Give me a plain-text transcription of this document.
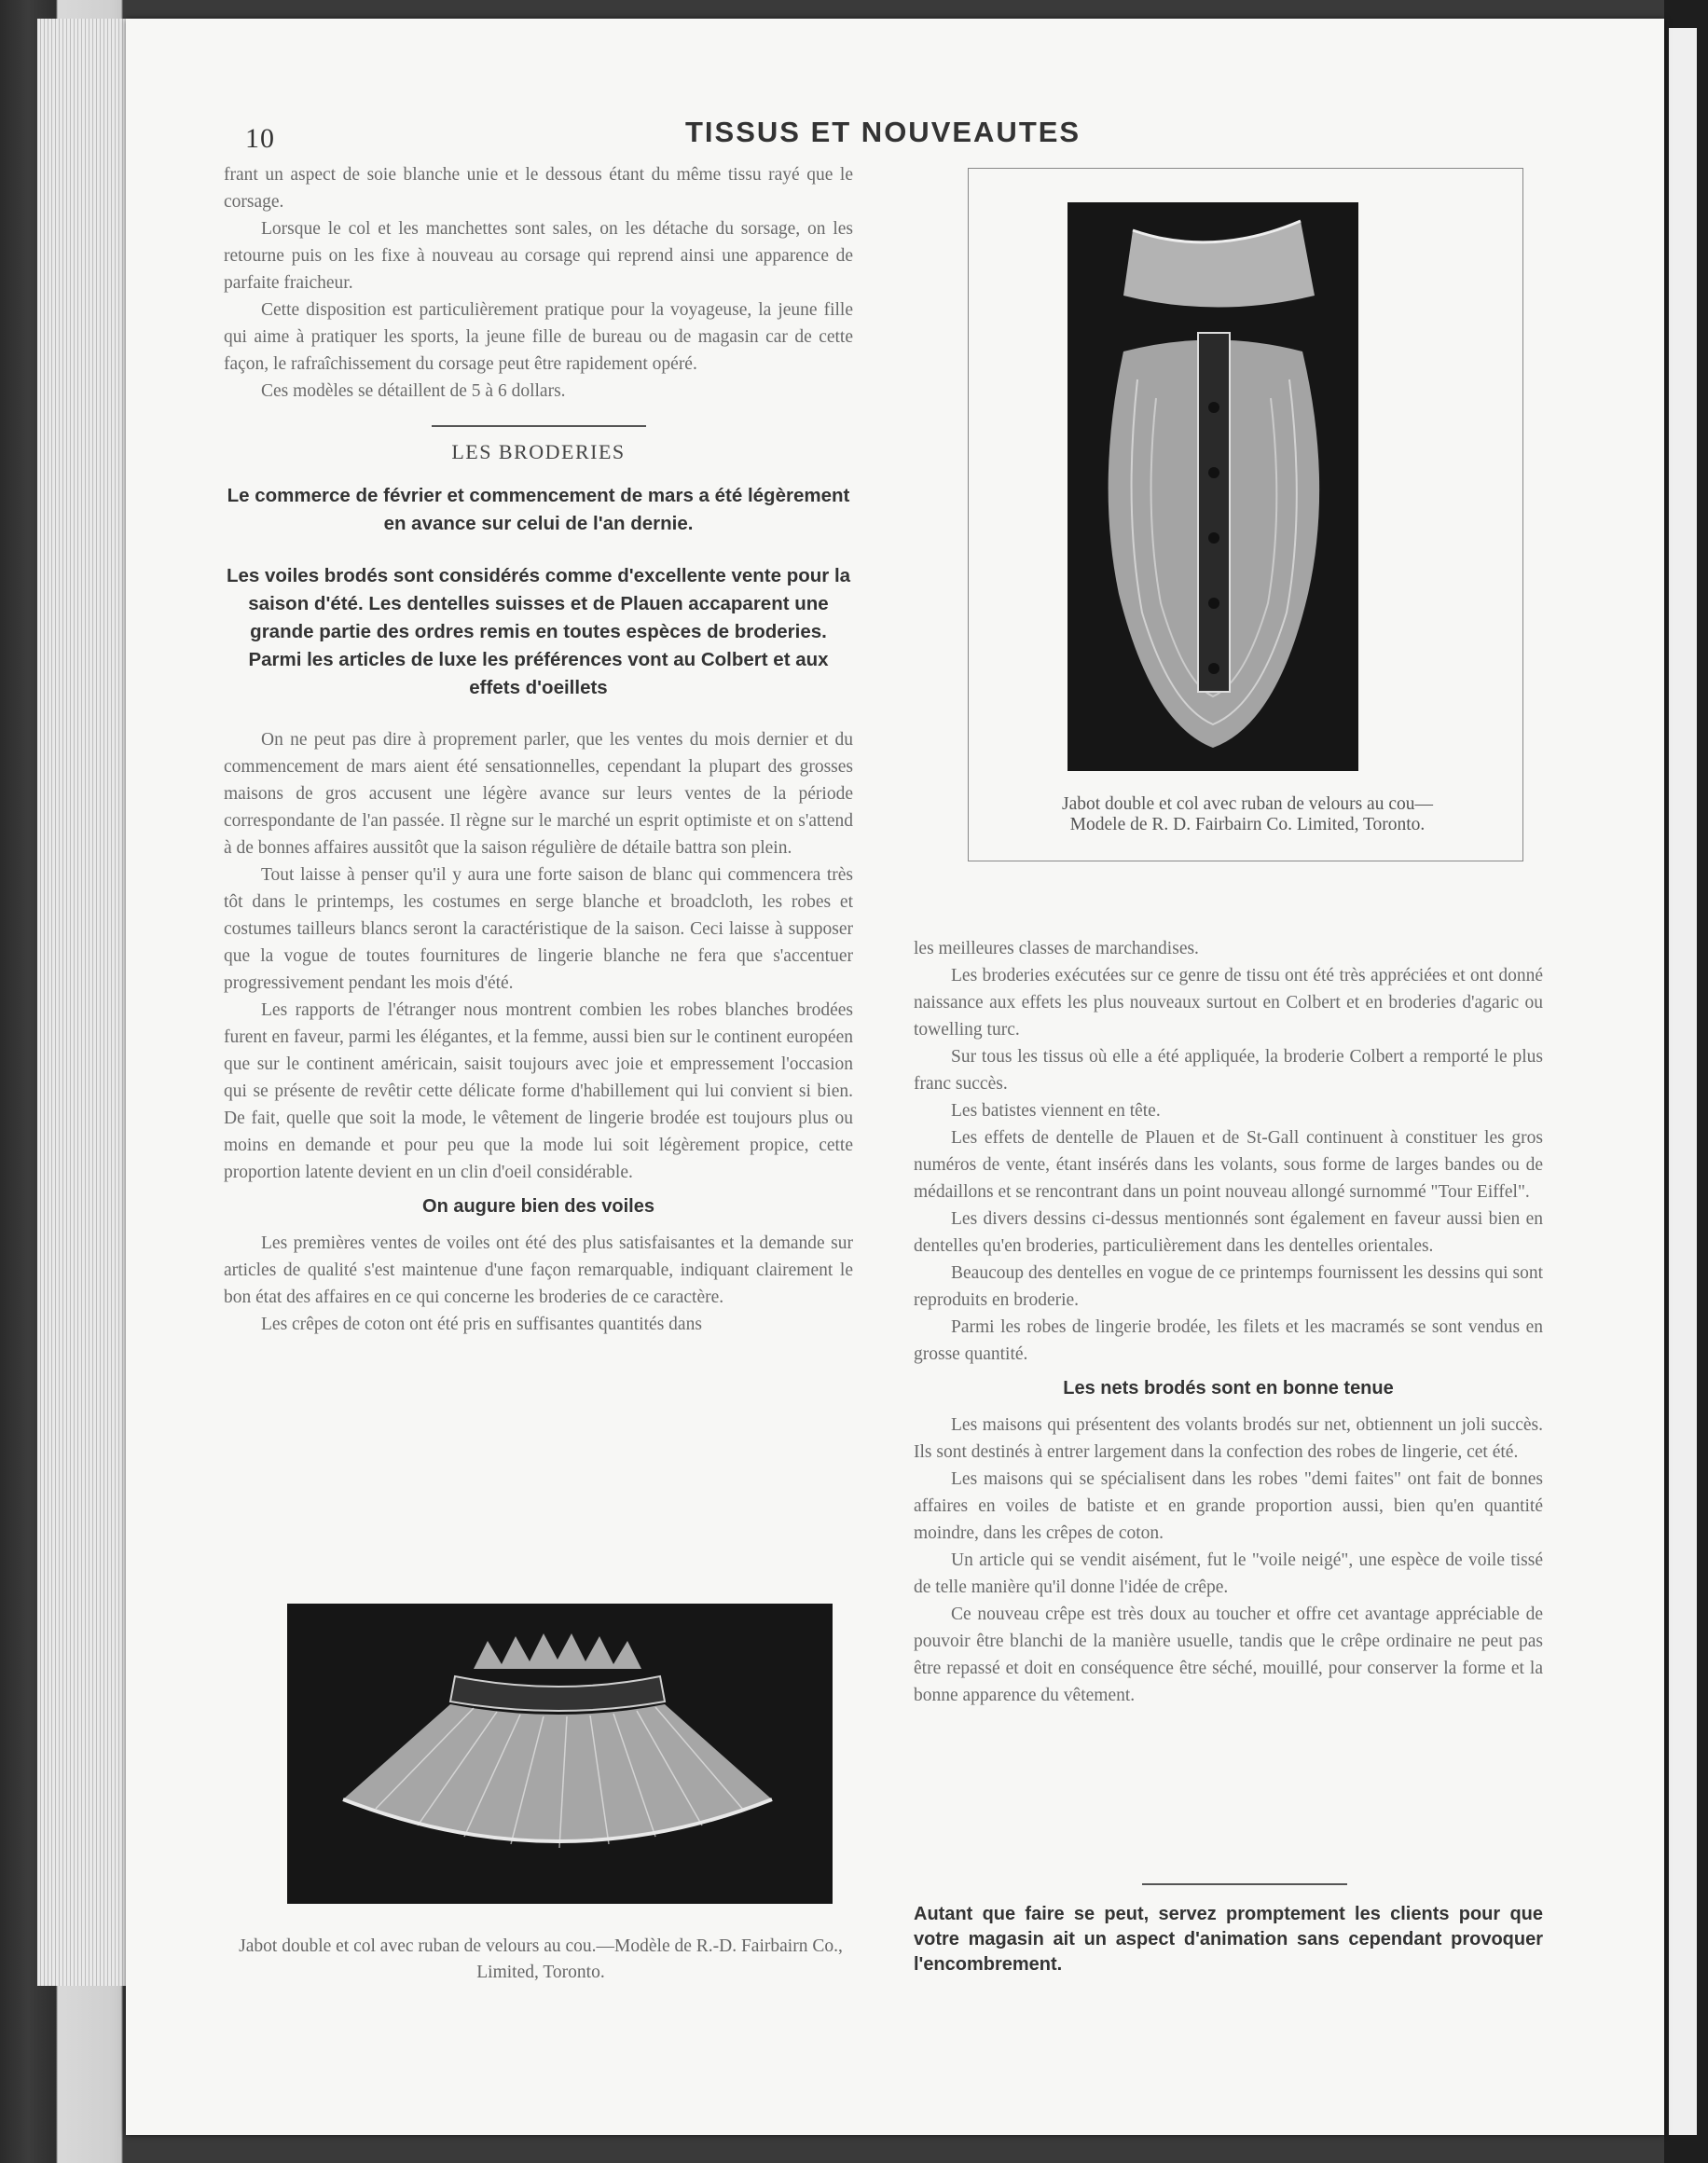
10	TISSUS ET NOUVEAUTES

frant un aspect de soie blanche unie et le dessous étant du même tissu rayé que le corsage.

Lorsque le col et les manchettes sont sales, on les détache du sorsage, on les retourne puis on les fixe à nouveau au corsage qui reprend ainsi une apparence de parfaite fraicheur.

Cette disposition est particulièrement pratique pour la voyageuse, la jeune fille qui aime à pratiquer les sports, la jeune fille de bureau ou de magasin car de cette façon, le rafraîchissement du corsage peut être rapidement opéré.

Ces modèles se détaillent de 5 à 6 dollars.

LES BRODERIES
Le commerce de février et commencement de mars a été légèrement en avance sur celui de l'an dernie.
Les voiles brodés sont considérés comme d'excellente vente pour la saison d'été. Les dentelles suisses et de Plauen accaparent une grande partie des ordres remis en toutes espèces de broderies. Parmi les articles de luxe les préférences vont au Colbert et aux effets d'oeillets

On ne peut pas dire à proprement parler, que les ventes du mois dernier et du commencement de mars aient été sensationnelles, cependant la plupart des grosses maisons de gros accusent une légère avance sur leurs ventes de la période correspondante de l'an passée. Il règne sur le marché un esprit optimiste et on s'attend à de bonnes affaires aussitôt que la saison régulière de détaile battra son plein.

Tout laisse à penser qu'il y aura une forte saison de blanc qui commencera très tôt dans le printemps, les costumes en serge blanche et broadcloth, les robes et costumes tailleurs blancs seront la caractéristique de la saison. Ceci laisse à supposer que la vogue de toutes fournitures de lingerie blanche ne fera que s'accentuer progressivement pendant les mois d'été.

Les rapports de l'étranger nous montrent combien les robes blanches brodées furent en faveur, parmi les élégantes, et la femme, aussi bien sur le continent européen que sur le continent américain, saisit toujours avec joie et empressement l'occasion qui se présente de revêtir cette délicate forme d'habillement qui lui convient si bien. De fait, quelle que soit la mode, le vêtement de lingerie brodée est toujours plus ou moins en demande et pour peu que la mode lui soit légèrement propice, cette proportion latente devient en un clin d'oeil considérable.

On augure bien des voiles

Les premières ventes de voiles ont été des plus satisfaisantes et la demande sur articles de qualité s'est maintenue d'une façon remarquable, indiquant clairement le bon état des affaires en ce qui concerne les broderies de ce caractère.

Les crêpes de coton ont été pris en suffisantes quantités dans

Jabot double et col avec ruban de velours au cou—Modele de R. D. Fairbairn Co. Limited, Toronto.

les meilleures classes de marchandises.

Les broderies exécutées sur ce genre de tissu ont été très appréciées et ont donné naissance aux effets les plus nouveaux surtout en Colbert et en broderies d'agaric ou towelling turc.

Sur tous les tissus où elle a été appliquée, la broderie Colbert a remporté le plus franc succès.

Les batistes viennent en tête.

Les effets de dentelle de Plauen et de St-Gall continuent à constituer les gros numéros de vente, étant insérés dans les volants, sous forme de larges bandes ou de médaillons et se rencontrant dans un point nouveau allongé surnommé "Tour Eiffel".

Les divers dessins ci-dessus mentionnés sont également en faveur aussi bien en dentelles qu'en broderies, particulièrement dans les dentelles orientales.

Beaucoup des dentelles en vogue de ce printemps fournissent les dessins qui sont reproduits en broderie.

Parmi les robes de lingerie brodée, les filets et les macramés se sont vendus en grosse quantité.

Les nets brodés sont en bonne tenue

Les maisons qui présentent des volants brodés sur net, obtiennent un joli succès. Ils sont destinés à entrer largement dans la confection des robes de lingerie, cet été.

Les maisons qui se spécialisent dans les robes "demi faites" ont fait de bonnes affaires en voiles de batiste et en grande proportion aussi, bien qu'en quantité moindre, dans les crêpes de coton.

Un article qui se vendit aisément, fut le "voile neigé", une espèce de voile tissé de telle manière qu'il donne l'idée de crêpe.

Ce nouveau crêpe est très doux au toucher et offre cet avantage appréciable de pouvoir être blanchi de la manière usuelle, tandis que le crêpe ordinaire ne peut pas être repassé et doit en conséquence être séché, mouillé, pour conserver la forme et la bonne apparence du vêtement.

Autant que faire se peut, servez promptement les clients pour que votre magasin ait un aspect d'animation sans cependant provoquer l'encombrement.
Jabot double et col avec ruban de velours au cou.—Modèle de R.-D. Fairbairn Co., Limited, Toronto.
